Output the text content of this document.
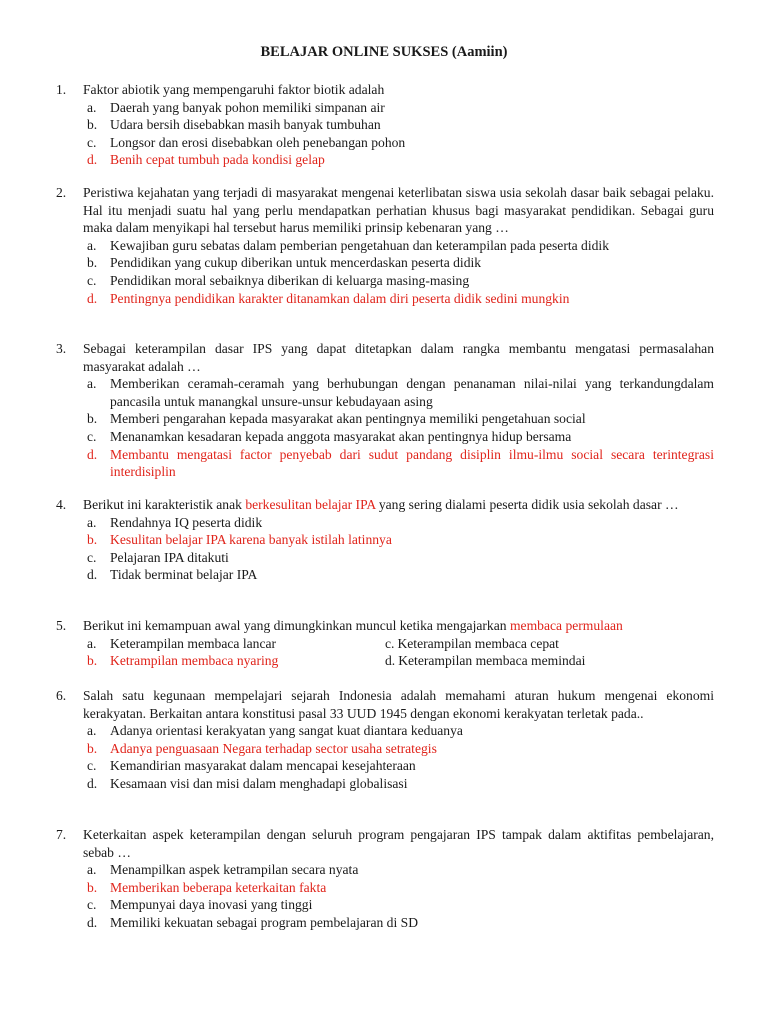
BELAJAR ONLINE SUKSES (Aamiin)
1.	Faktor abiotik yang mempengaruhi faktor biotik adalah
a. Daerah yang banyak pohon memiliki simpanan air
b. Udara bersih disebabkan masih banyak tumbuhan
c. Longsor dan erosi disebabkan oleh penebangan pohon
d. Benih cepat tumbuh pada kondisi gelap
2.	Peristiwa kejahatan yang terjadi di masyarakat mengenai keterlibatan siswa usia sekolah dasar baik sebagai pelaku. Hal itu menjadi suatu hal yang perlu mendapatkan perhatian khusus bagi masyarakat pendidikan. Sebagai guru maka dalam menyikapi hal tersebut harus memiliki prinsip kebenaran yang …
a. Kewajiban guru sebatas dalam pemberian pengetahuan dan keterampilan pada peserta didik
b. Pendidikan yang cukup diberikan untuk mencerdaskan peserta didik
c. Pendidikan moral sebaiknya diberikan di keluarga masing-masing
d. Pentingnya pendidikan karakter ditanamkan dalam diri peserta didik sedini mungkin
3.	Sebagai keterampilan dasar IPS yang dapat ditetapkan dalam rangka membantu mengatasi permasalahan masyarakat adalah …
a. Memberikan ceramah-ceramah yang berhubungan dengan penanaman nilai-nilai yang terkandungdalam pancasila untuk manangkal unsure-unsur kebudayaan asing
b. Memberi pengarahan kepada masyarakat akan pentingnya memiliki pengetahuan social
c. Menanamkan kesadaran kepada anggota masyarakat akan pentingnya hidup bersama
d. Membantu mengatasi factor penyebab dari sudut pandang disiplin ilmu-ilmu social secara terintegrasi interdisiplin
4.	Berikut ini karakteristik anak berkesulitan belajar IPA yang sering dialami peserta didik usia sekolah dasar …
a. Rendahnya IQ peserta didik
b. Kesulitan belajar IPA karena banyak istilah latinnya
c. Pelajaran IPA ditakuti
d. Tidak berminat belajar IPA
5.	Berikut ini kemampuan awal yang dimungkinkan muncul ketika mengajarkan membaca permulaan
a. Keterampilan membaca lancar	c. Keterampilan membaca cepat
b. Ketrampilan membaca nyaring	d. Keterampilan membaca memindai
6.	Salah satu kegunaan mempelajari sejarah Indonesia adalah memahami aturan hukum mengenai ekonomi kerakyatan. Berkaitan antara konstitusi pasal 33 UUD 1945 dengan ekonomi kerakyatan terletak pada..
a. Adanya orientasi kerakyatan yang sangat kuat diantara keduanya
b. Adanya penguasaan Negara terhadap sector usaha setrategis
c. Kemandirian masyarakat dalam mencapai kesejahteraan
d. Kesamaan visi dan misi dalam menghadapi globalisasi
7.	Keterkaitan aspek keterampilan dengan seluruh program pengajaran IPS tampak dalam aktifitas pembelajaran, sebab …
a. Menampilkan aspek ketrampilan secara nyata
b. Memberikan beberapa keterkaitan fakta
c. Mempunyai daya inovasi yang tinggi
d. Memiliki kekuatan sebagai program pembelajaran di SD
